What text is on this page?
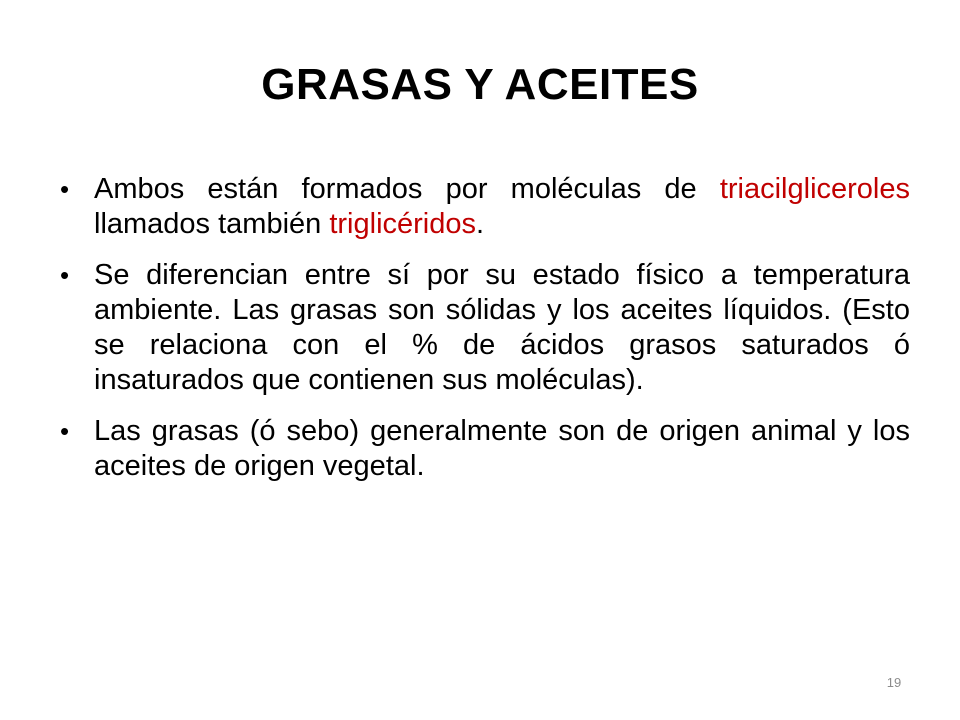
GRASAS Y ACEITES
• Ambos están formados por moléculas de triacilgliceroles llamados también triglicéridos.
• Se diferencian entre sí por su estado físico a temperatura ambiente. Las grasas son sólidas y los aceites líquidos. (Esto se relaciona con el % de ácidos grasos saturados ó insaturados que contienen sus moléculas).
• Las grasas (ó sebo) generalmente son de origen animal y los aceites de origen vegetal.
19
